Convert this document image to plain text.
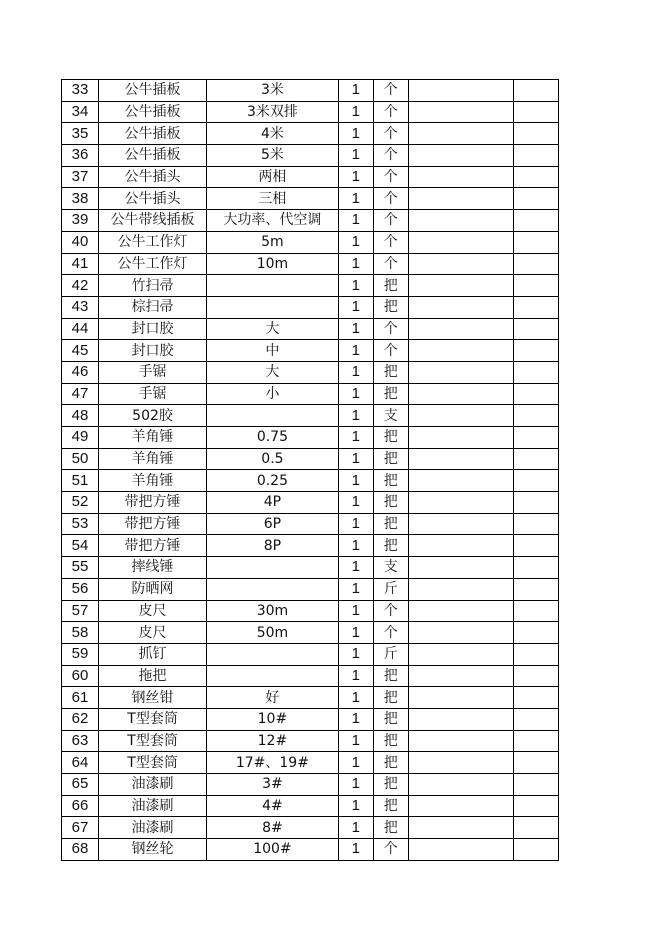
33	公牛插板	3米	1	个		
34	公牛插板	3米双排	1	个		
35	公牛插板	4米	1	个		
36	公牛插板	5米	1	个		
37	公牛插头	两相	1	个		
38	公牛插头	三相	1	个		
39	公牛带线插板	大功率、代空调	1	个		
40	公牛工作灯	5m	1	个		
41	公牛工作灯	10m	1	个		
42	竹扫帚		1	把		
43	棕扫帚		1	把		
44	封口胶	大	1	个		
45	封口胶	中	1	个		
46	手锯	大	1	把		
47	手锯	小	1	把		
48	502胶		1	支		
49	羊角锤	0.75	1	把		
50	羊角锤	0.5	1	把		
51	羊角锤	0.25	1	把		
52	带把方锤	4P	1	把		
53	带把方锤	6P	1	把		
54	带把方锤	8P	1	把		
55	摔线锤		1	支		
56	防晒网		1	斤		
57	皮尺	30m	1	个		
58	皮尺	50m	1	个		
59	抓钉		1	斤		
60	拖把		1	把		
61	钢丝钳	好	1	把		
62	T型套筒	10#	1	把		
63	T型套筒	12#	1	把		
64	T型套筒	17#、19#	1	把		
65	油漆刷	3#	1	把		
66	油漆刷	4#	1	把		
67	油漆刷	8#	1	把		
68	钢丝轮	100#	1	个		
